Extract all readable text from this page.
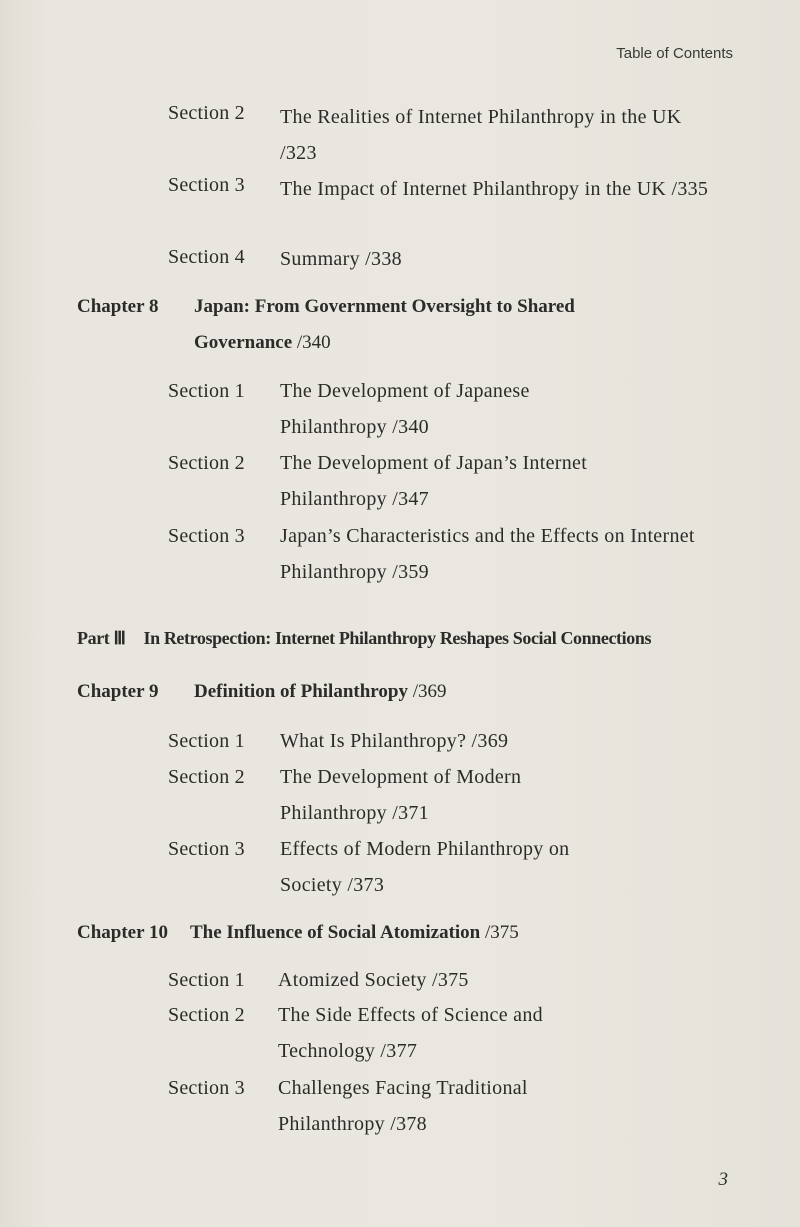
Table of Contents
Section 2 The Realities of Internet Philanthropy in the UK /323
Section 3 The Impact of Internet Philanthropy in the UK /335
Section 4 Summary /338
Chapter 8 Japan: From Government Oversight to Shared Governance /340
Section 1 The Development of Japanese Philanthropy /340
Section 2 The Development of Japan’s Internet Philanthropy /347
Section 3 Japan’s Characteristics and the Effects on Internet Philanthropy /359
Part Ⅲ In Retrospection: Internet Philanthropy Reshapes Social Connections
Chapter 9 Definition of Philanthropy /369
Section 1 What Is Philanthropy? /369
Section 2 The Development of Modern Philanthropy /371
Section 3 Effects of Modern Philanthropy on Society /373
Chapter 10 The Influence of Social Atomization /375
Section 1 Atomized Society /375
Section 2 The Side Effects of Science and Technology /377
Section 3 Challenges Facing Traditional Philanthropy /378
3
